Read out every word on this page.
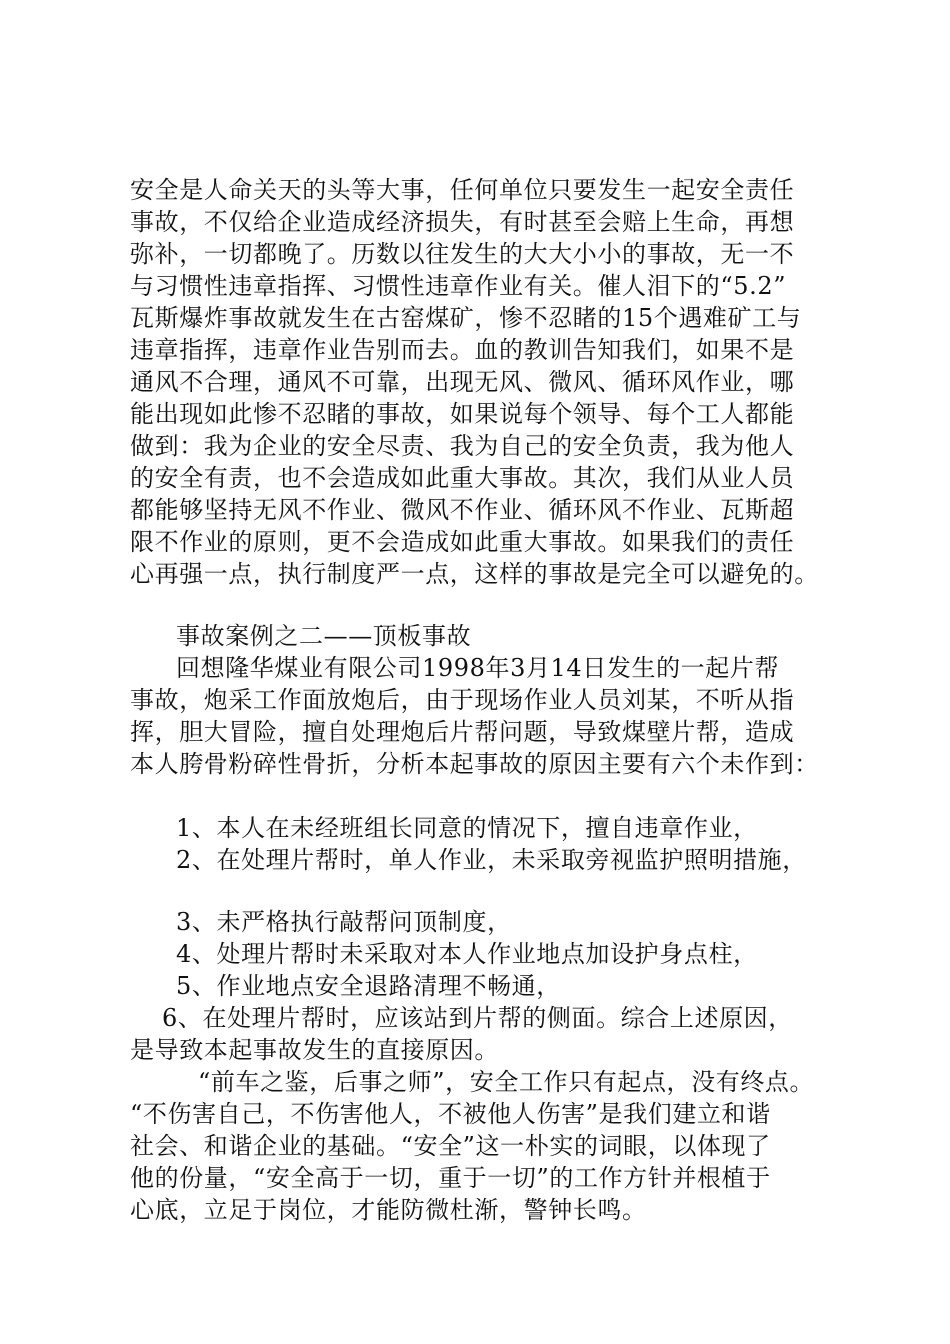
安全是人命关天的头等大事，任何单位只要发生一起安全责任
事故，不仅给企业造成经济损失，有时甚至会赔上生命，再想
弥补，一切都晚了。历数以往发生的大大小小的事故，无一不
与习惯性违章指挥、习惯性违章作业有关。催人泪下的“5.2”
瓦斯爆炸事故就发生在古窑煤矿，惨不忍睹的15个遇难矿工与
违章指挥，违章作业告别而去。血的教训告知我们，如果不是
通风不合理，通风不可靠，出现无风、微风、循环风作业，哪
能出现如此惨不忍睹的事故，如果说每个领导、每个工人都能
做到：我为企业的安全尽责、我为自己的安全负责，我为他人
的安全有责，也不会造成如此重大事故。其次，我们从业人员
都能够坚持无风不作业、微风不作业、循环风不作业、瓦斯超
限不作业的原则，更不会造成如此重大事故。如果我们的责任
心再强一点，执行制度严一点，这样的事故是完全可以避免的。
事故案例之二——顶板事故
回想隆华煤业有限公司1998年3月14日发生的一起片帮
事故，炮采工作面放炮后，由于现场作业人员刘某，不听从指
挥，胆大冒险，擅自处理炮后片帮问题，导致煤壁片帮，造成
本人胯骨粉碎性骨折，分析本起事故的原因主要有六个未作到：
1、本人在未经班组长同意的情况下，擅自违章作业，
2、在处理片帮时，单人作业，未采取旁视监护照明措施，
3、未严格执行敲帮问顶制度，
4、处理片帮时未采取对本人作业地点加设护身点柱，
5、作业地点安全退路清理不畅通，
6、在处理片帮时，应该站到片帮的侧面。综合上述原因，
是导致本起事故发生的直接原因。
“前车之鉴，后事之师”，安全工作只有起点，没有终点。
“不伤害自己，不伤害他人，不被他人伤害”是我们建立和谐
社会、和谐企业的基础。“安全”这一朴实的词眼，以体现了
他的份量，“安全高于一切，重于一切”的工作方针并根植于
心底，立足于岗位，才能防微杜渐，警钟长鸣。
